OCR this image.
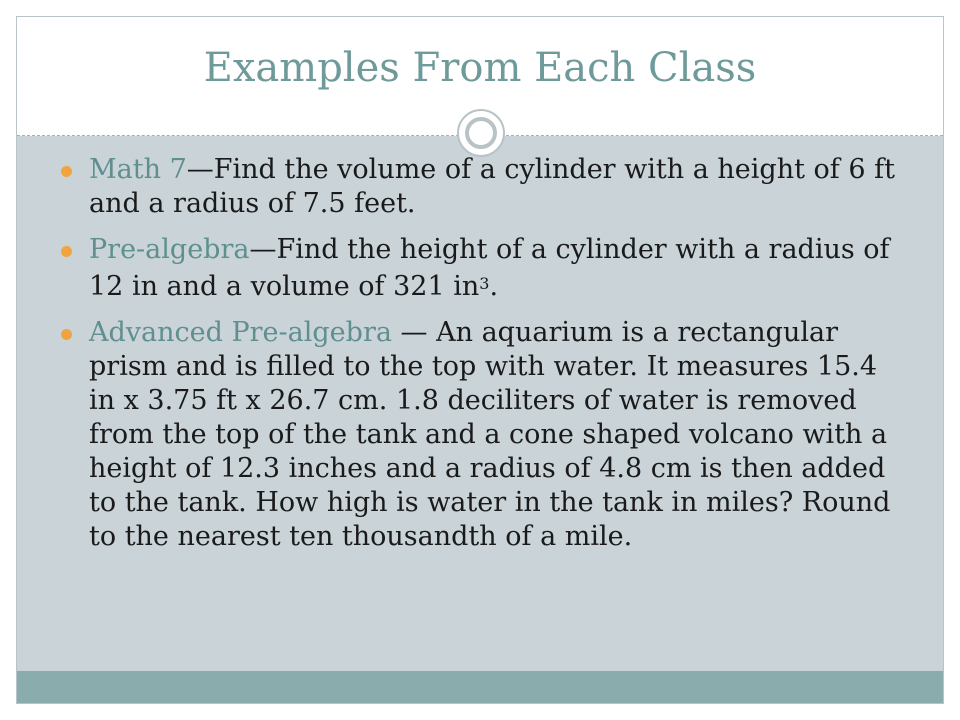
Examples From Each Class
Math 7—Find the volume of a cylinder with a height of 6 ft and a radius of 7.5 feet.
Pre-algebra—Find the height of a cylinder with a radius of 12 in and a volume of 321 $in^3$.
Advanced Pre-algebra — An aquarium is a rectangular prism and is filled to the top with water. It measures 15.4 in x 3.75 ft x 26.7 cm. 1.8 deciliters of water is removed from the top of the tank and a cone shaped volcano with a height of 12.3 inches and a radius of 4.8 cm is then added to the tank. How high is water in the tank in miles? Round to the nearest ten thousandth of a mile.
